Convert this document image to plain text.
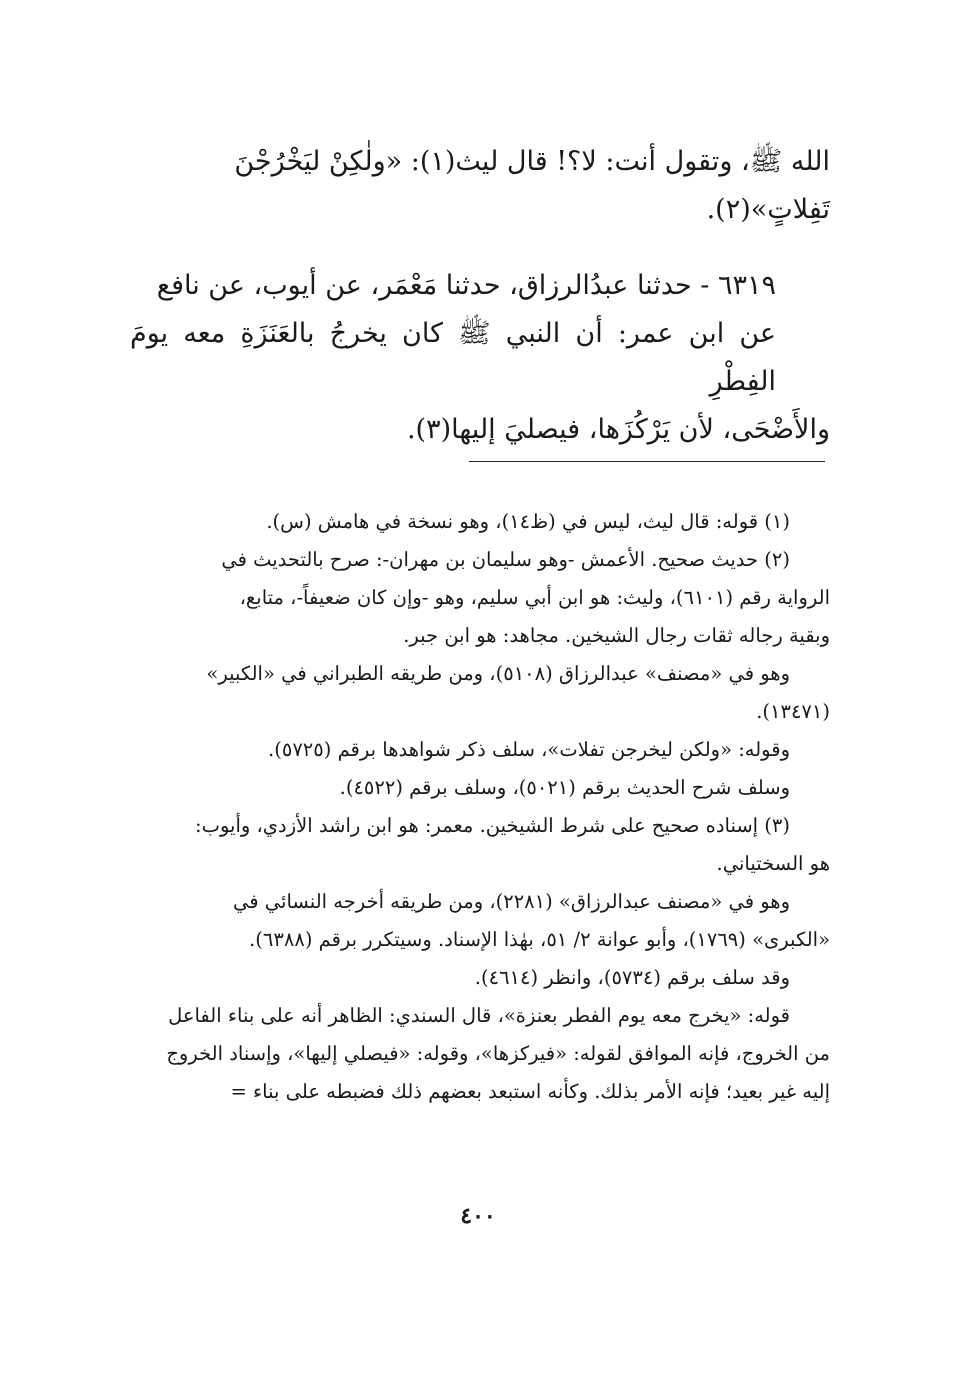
الله ﷺ، وتقول أنت: لا؟! قال ليث(١): «ولٰكِنْ ليَخْرُجْنَ

تَفِلاتٍ»(٢).

٦٣١٩ - حدثنا عبدُالرزاق، حدثنا مَعْمَر، عن أيوب، عن نافع

عن ابن عمر: أن النبي ﷺ كان يخرجُ بالعَنَزَةِ معه يومَ الفِطْرِ

والأَضْحَى، لأن يَرْكُزَها، فيصليَ إليها(٣).

(١) قوله: قال ليث، ليس في (ظ١٤)، وهو نسخة في هامش (س).

(٢) حديث صحيح. الأعمش -وهو سليمان بن مهران-: صرح بالتحديث في

الرواية رقم (٦١٠١)، وليث: هو ابن أبي سليم، وهو -وإن كان ضعيفاً-، متابع،

وبقية رجاله ثقات رجال الشيخين. مجاهد: هو ابن جبر.

وهو في «مصنف» عبدالرزاق (٥١٠٨)، ومن طريقه الطبراني في «الكبير»

(١٣٤٧١).

وقوله: «ولكن ليخرجن تفلات»، سلف ذكر شواهدها برقم (٥٧٢٥).

وسلف شرح الحديث برقم (٥٠٢١)، وسلف برقم (٤٥٢٢).

(٣) إسناده صحيح على شرط الشيخين. معمر: هو ابن راشد الأزدي، وأيوب:

هو السختياني.

وهو في «مصنف عبدالرزاق» (٢٢٨١)، ومن طريقه أخرجه النسائي في

«الكبرى» (١٧٦٩)، وأبو عوانة ٢/ ٥١، بهٰذا الإسناد. وسيتكرر برقم (٦٣٨٨).

وقد سلف برقم (٥٧٣٤)، وانظر (٤٦١٤).

قوله: «يخرج معه يوم الفطر بعنزة»، قال السندي: الظاهر أنه على بناء الفاعل

من الخروج، فإنه الموافق لقوله: «فيركزها»، وقوله: «فيصلي إليها»، وإسناد الخروج

إليه غير بعيد؛ فإنه الأمر بذلك. وكأنه استبعد بعضهم ذلك فضبطه على بناء =

٤٠٠
